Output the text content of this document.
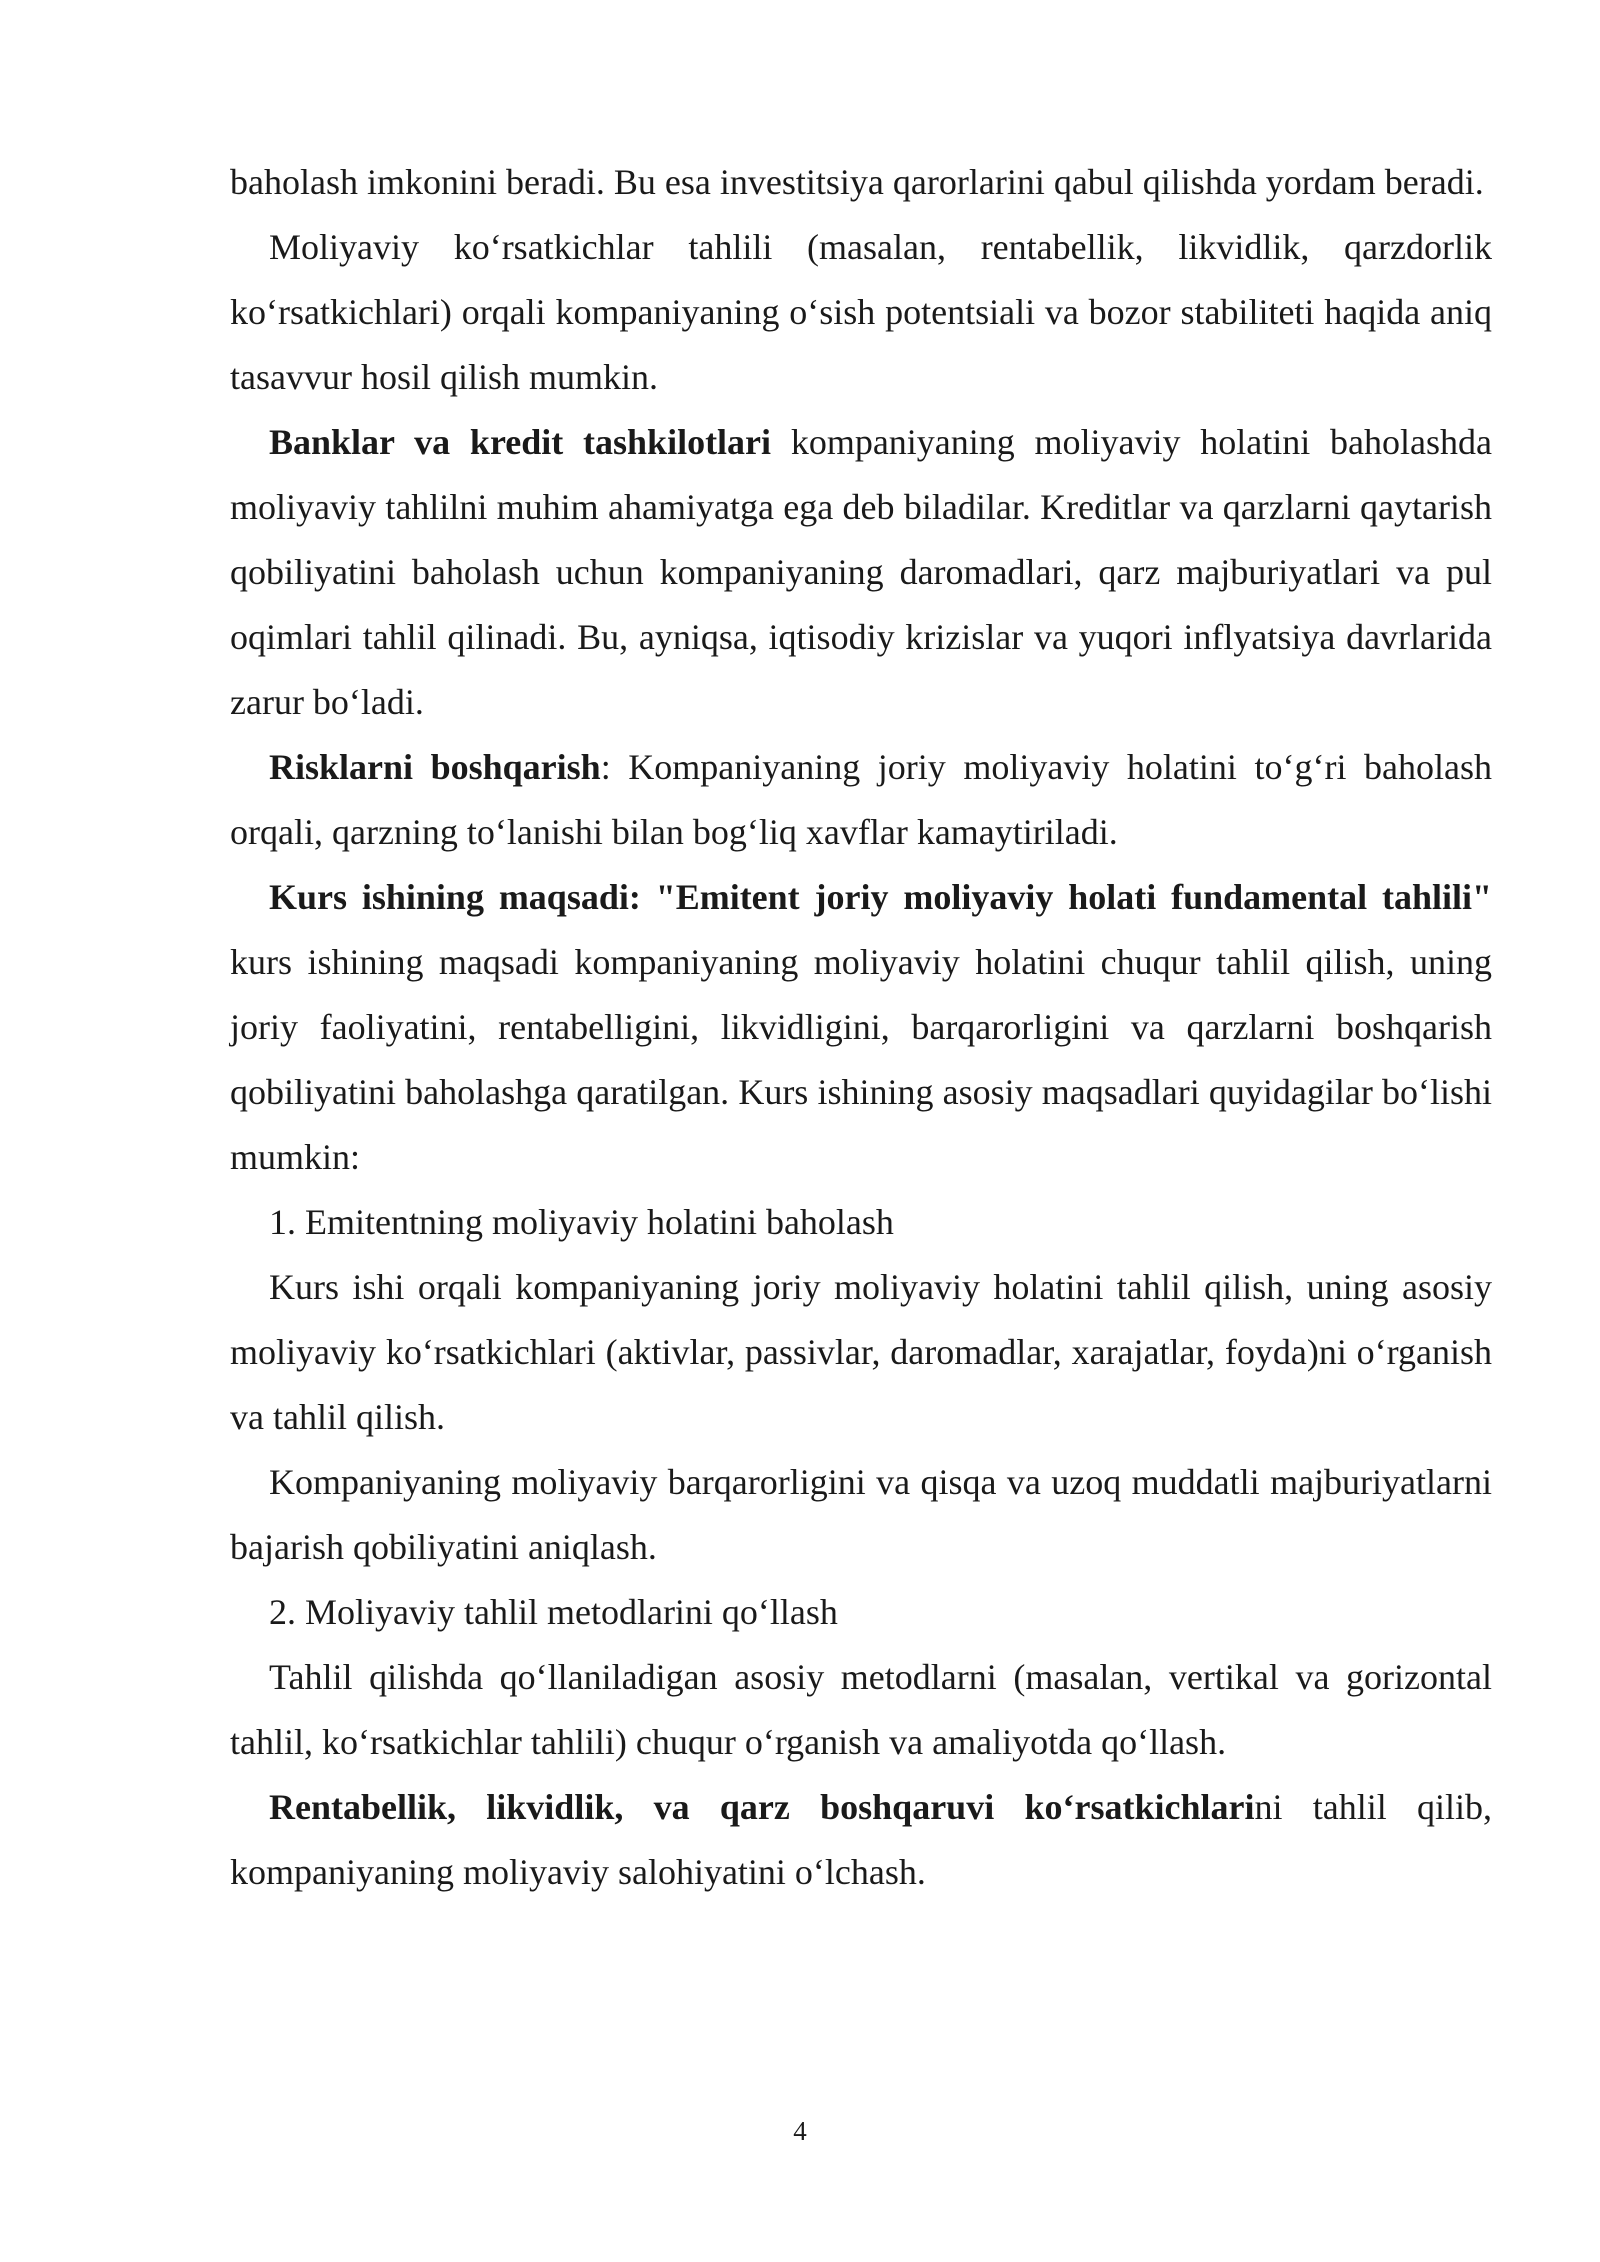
baholash imkonini beradi. Bu esa investitsiya qarorlarini qabul qilishda yordam beradi.

Moliyaviy ko‘rsatkichlar tahlili (masalan, rentabellik, likvidlik, qarzdorlik ko‘rsatkichlari) orqali kompaniyaning o‘sish potentsiali va bozor stabiliteti haqida aniq tasavvur hosil qilish mumkin.

Banklar va kredit tashkilotlari kompaniyaning moliyaviy holatini baholashda moliyaviy tahlilni muhim ahamiyatga ega deb biladilar. Kreditlar va qarzlarni qaytarish qobiliyatini baholash uchun kompaniyaning daromadlari, qarz majburiyatlari va pul oqimlari tahlil qilinadi. Bu, ayniqsa, iqtisodiy krizislar va yuqori inflyatsiya davrlarida zarur bo‘ladi.

Risklarni boshqarish: Kompaniyaning joriy moliyaviy holatini to‘g‘ri baholash orqali, qarzning to‘lanishi bilan bog‘liq xavflar kamaytiriladi.

Kurs ishining maqsadi: "Emitent joriy moliyaviy holati fundamental tahlili" kurs ishining maqsadi kompaniyaning moliyaviy holatini chuqur tahlil qilish, uning joriy faoliyatini, rentabelligini, likvidligini, barqarorligini va qarzlarni boshqarish qobiliyatini baholashga qaratilgan. Kurs ishining asosiy maqsadlari quyidagilar bo‘lishi mumkin:

1. Emitentning moliyaviy holatini baholash

Kurs ishi orqali kompaniyaning joriy moliyaviy holatini tahlil qilish, uning asosiy moliyaviy ko‘rsatkichlari (aktivlar, passivlar, daromadlar, xarajatlar, foyda)ni o‘rganish va tahlil qilish.

Kompaniyaning moliyaviy barqarorligini va qisqa va uzoq muddatli majburiyatlarni bajarish qobiliyatini aniqlash.

2. Moliyaviy tahlil metodlarini qo‘llash

Tahlil qilishda qo‘llaniladigan asosiy metodlarni (masalan, vertikal va gorizontal tahlil, ko‘rsatkichlar tahlili) chuqur o‘rganish va amaliyotda qo‘llash.

Rentabellik, likvidlik, va qarz boshqaruvi ko‘rsatkichlarini tahlil qilib, kompaniyaning moliyaviy salohiyatini o‘lchash.

4
